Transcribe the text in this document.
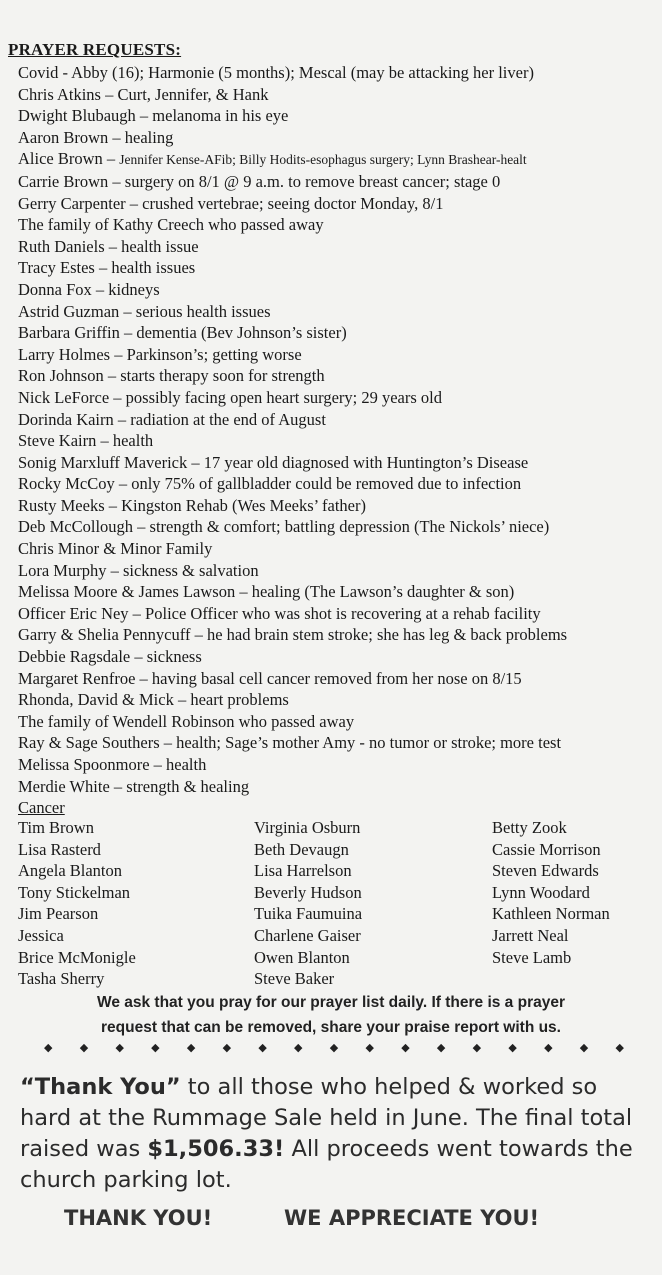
PRAYER REQUESTS:
Covid - Abby (16); Harmonie (5 months); Mescal (may be attacking her liver)
Chris Atkins – Curt, Jennifer, & Hank
Dwight Blubaugh – melanoma in his eye
Aaron Brown – healing
Alice Brown – Jennifer Kense-AFib; Billy Hodits-esophagus surgery; Lynn Brashear-healt
Carrie Brown – surgery on 8/1 @ 9 a.m. to remove breast cancer; stage 0
Gerry Carpenter – crushed vertebrae; seeing doctor Monday, 8/1
The family of Kathy Creech who passed away
Ruth Daniels – health issue
Tracy Estes – health issues
Donna Fox – kidneys
Astrid Guzman – serious health issues
Barbara Griffin – dementia (Bev Johnson’s sister)
Larry Holmes – Parkinson’s; getting worse
Ron Johnson – starts therapy soon for strength
Nick LeForce – possibly facing open heart surgery; 29 years old
Dorinda Kairn – radiation at the end of August
Steve Kairn – health
Sonig Marxluff Maverick – 17 year old diagnosed with Huntington’s Disease
Rocky McCoy – only 75% of gallbladder could be removed due to infection
Rusty Meeks – Kingston Rehab (Wes Meeks’ father)
Deb McCollough – strength & comfort; battling depression (The Nickols’ niece)
Chris Minor & Minor Family
Lora Murphy – sickness & salvation
Melissa Moore & James Lawson – healing (The Lawson’s daughter & son)
Officer Eric Ney – Police Officer who was shot is recovering at a rehab facility
Garry & Shelia Pennycuff – he had brain stem stroke; she has leg & back problems
Debbie Ragsdale – sickness
Margaret Renfroe – having basal cell cancer removed from her nose on 8/15
Rhonda, David & Mick – heart problems
The family of Wendell Robinson who passed away
Ray & Sage Southers – health; Sage’s mother Amy - no tumor or stroke; more test
Melissa Spoonmore – health
Merdie White – strength & healing
Cancer
Tim Brown
Lisa Rasterd
Angela Blanton
Tony Stickelman
Jim Pearson
Jessica
Brice McMonigle
Tasha Sherry
Virginia Osburn
Beth Devaugn
Lisa Harrelson
Beverly Hudson
Tuika Faumuina
Charlene Gaiser
Owen Blanton
Steve Baker
Betty Zook
Cassie Morrison
Steven Edwards
Lynn Woodard
Kathleen Norman
Jarrett Neal
Steve Lamb
We ask that you pray for our prayer list daily. If there is a prayer
request that can be removed, share your praise report with us.
◆ ◆ ◆ ◆ ◆ ◆ ◆ ◆ ◆ ◆ ◆ ◆ ◆ ◆ ◆ ◆ ◆
“Thank You” to all those who helped & worked so hard at the Rummage Sale held in June. The final total raised was $1,506.33! All proceeds went towards the church parking lot.
THANK YOU!	WE APPRECIATE YOU!
